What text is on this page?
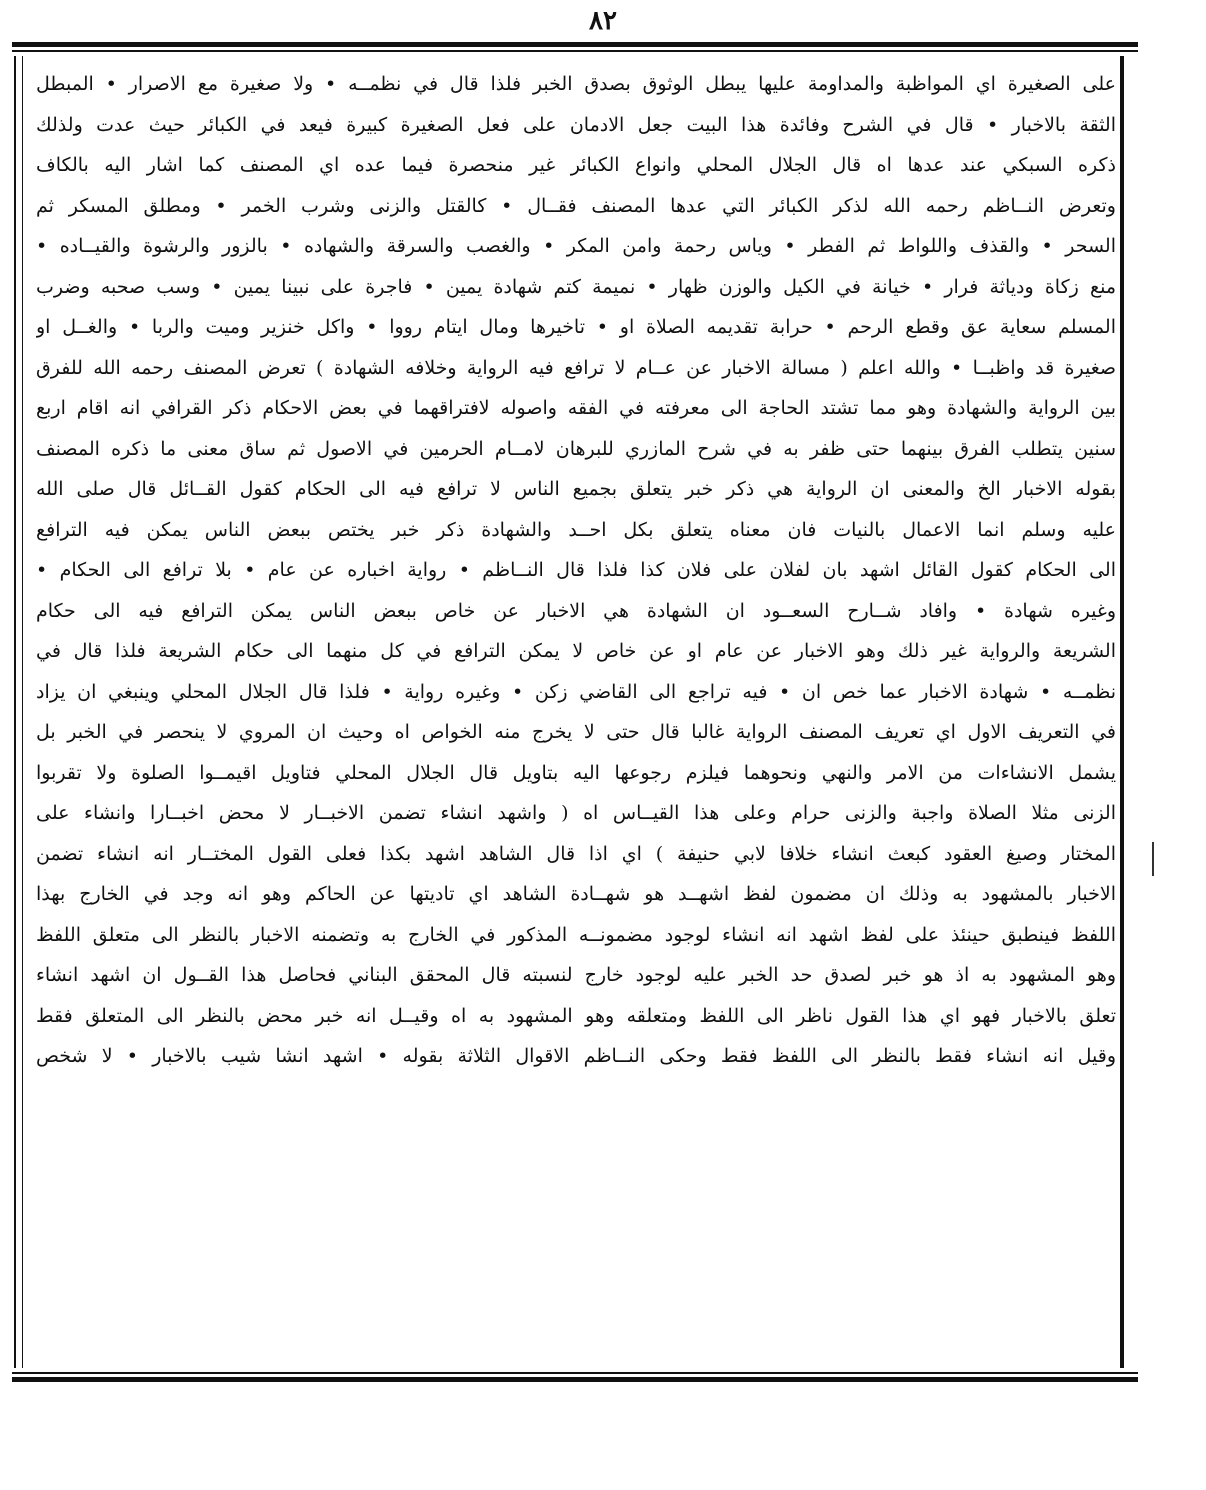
٨٢
على الصغيرة اي المواظبة والمداومة عليها يبطل الوثوق بصدق الخبر فلذا قال في نظمــه • ولا صغيرة مع الاصرار • المبطل
الثقة بالاخبار • قال في الشرح وفائدة هذا البيت جعل الادمان على فعل الصغيرة كبيرة فيعد في الكبائر حيث عدت ولذلك
ذكره السبكي عند عدها اه قال الجلال المحلي وانواع الكبائر غير منحصرة فيما عده اي المصنف كما اشار اليه بالكاف
وتعرض النــاظم رحمه الله لذكر الكبائر التي عدها المصنف فقــال • كالقتل والزنى وشرب الخمر • ومطلق المسكر ثم
السحر • والقذف واللواط ثم الفطر • وياس رحمة وامن المكر • والغصب والسرقة والشهاده • بالزور والرشوة والقيــاده •
منع زكاة ودياثة فرار • خيانة في الكيل والوزن ظهار • نميمة كتم شهادة يمين • فاجرة على نبينا يمين • وسب صحبه وضرب
المسلم سعاية عق وقطع الرحم • حرابة تقديمه الصلاة او • تاخيرها ومال ايتام رووا • واكل خنزير وميت والربا • والغــل او
صغيرة قد واظبــا • والله اعلم ( مسالة الاخبار عن عــام لا ترافع فيه الرواية وخلافه الشهادة ) تعرض المصنف رحمه الله للفرق
بين الرواية والشهادة وهو مما تشتد الحاجة الى معرفته في الفقه واصوله لافتراقهما في بعض الاحكام ذكر القرافي انه اقام اربع
سنين يتطلب الفرق بينهما حتى ظفر به في شرح المازري للبرهان لامــام الحرمين في الاصول ثم ساق معنى ما ذكره المصنف
بقوله الاخبار الخ والمعنى ان الرواية هي ذكر خبر يتعلق بجميع الناس لا ترافع فيه الى الحكام كقول القــائل قال صلى الله
عليه وسلم انما الاعمال بالنيات فان معناه يتعلق بكل احــد والشهادة ذكر خبر يختص ببعض الناس يمكن فيه الترافع
الى الحكام كقول القائل اشهد بان لفلان على فلان كذا فلذا قال النــاظم • رواية اخباره عن عام • بلا ترافع الى الحكام •
وغيره شهادة • وافاد شــارح السعــود ان الشهادة هي الاخبار عن خاص ببعض الناس يمكن الترافع فيه الى حكام
الشريعة والرواية غير ذلك وهو الاخبار عن عام او عن خاص لا يمكن الترافع في كل منهما الى حكام الشريعة فلذا قال في
نظمــه • شهادة الاخبار عما خص ان • فيه تراجع الى القاضي زكن • وغيره رواية • فلذا قال الجلال المحلي وينبغي ان يزاد
في التعريف الاول اي تعريف المصنف الرواية غالبا قال حتى لا يخرج منه الخواص اه وحيث ان المروي لا ينحصر في الخبر بل
يشمل الانشاءات من الامر والنهي ونحوهما فيلزم رجوعها اليه بتاويل قال الجلال المحلي فتاويل اقيمــوا الصلوة ولا تقربوا
الزنى مثلا الصلاة واجبة والزنى حرام وعلى هذا القيــاس اه ( واشهد انشاء تضمن الاخبــار لا محض اخبــارا وانشاء على
المختار وصيغ العقود كبعث انشاء خلافا لابي حنيفة ) اي اذا قال الشاهد اشهد بكذا فعلى القول المختــار انه انشاء تضمن
الاخبار بالمشهود به وذلك ان مضمون لفظ اشهــد هو شهــادة الشاهد اي تاديتها عن الحاكم وهو انه وجد في الخارج بهذا
اللفظ فينطبق حينئذ على لفظ اشهد انه انشاء لوجود مضمونــه المذكور في الخارج به وتضمنه الاخبار بالنظر الى متعلق اللفظ
وهو المشهود به اذ هو خبر لصدق حد الخبر عليه لوجود خارج لنسبته قال المحقق البناني فحاصل هذا القــول ان اشهد انشاء
تعلق بالاخبار فهو اي هذا القول ناظر الى اللفظ ومتعلقه وهو المشهود به اه وقيــل انه خبر محض بالنظر الى المتعلق فقط
وقيل انه انشاء فقط بالنظر الى اللفظ فقط وحكى النــاظم الاقوال الثلاثة بقوله • اشهد انشا شيب بالاخبار • لا شخص
